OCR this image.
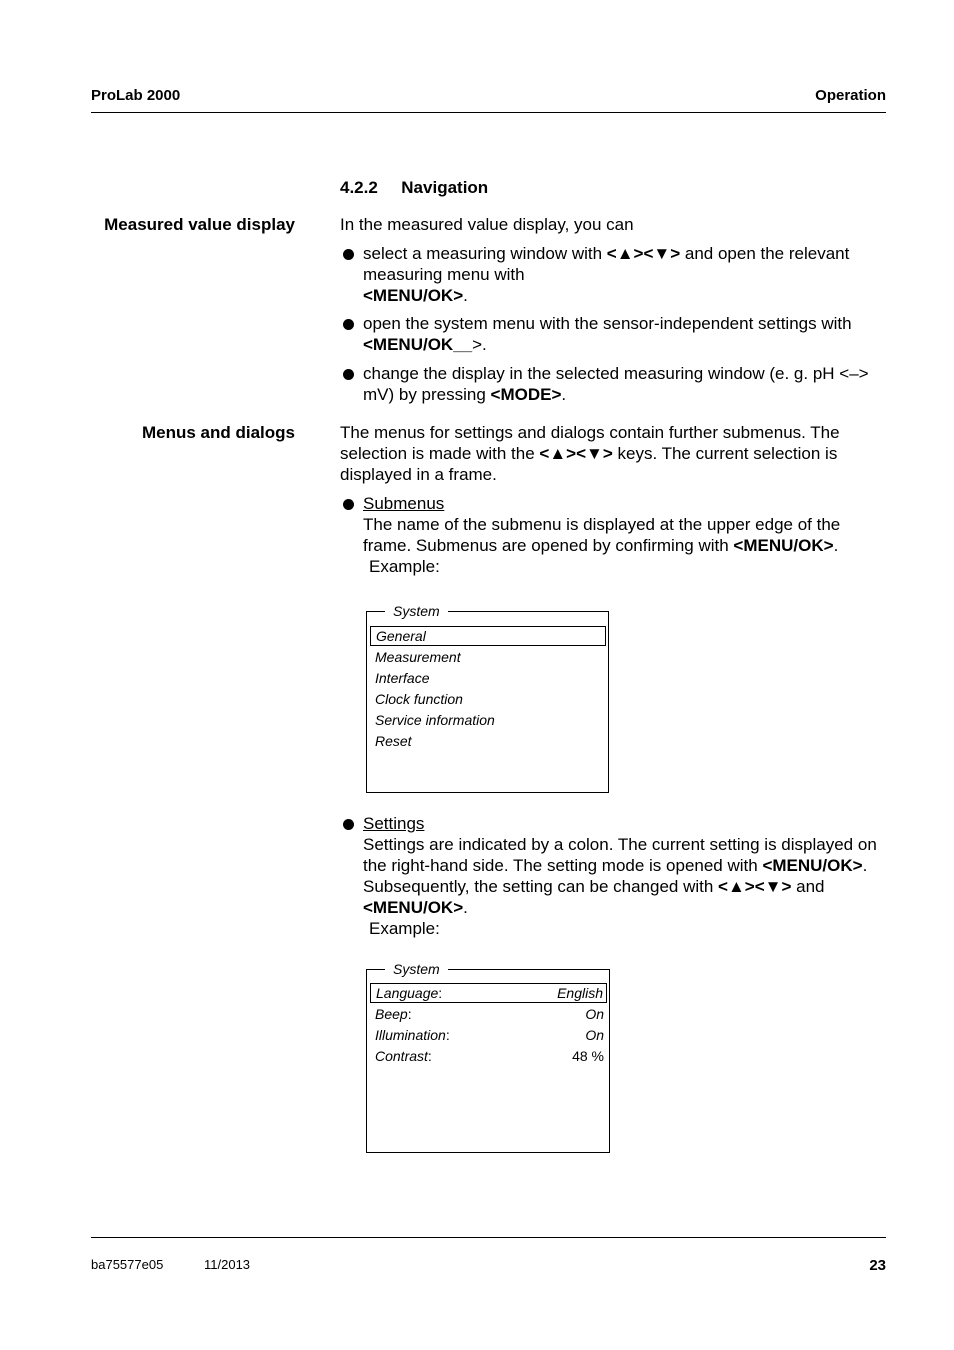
ProLab 2000	Operation
4.2.2 Navigation
Measured value display	In the measured value display, you can
select a measuring window with <▲><▼> and open the relevant measuring menu with
<MENU/OK>.
open the system menu with the sensor-independent settings with
<MENU/OK__>.
change the display in the selected measuring window (e. g. pH <–> mV) by pressing <MODE>.
Menus and dialogs	The menus for settings and dialogs contain further submenus. The selection is made with the <▲><▼> keys. The current selection is displayed in a frame.
Submenus
The name of the submenu is displayed at the upper edge of the frame. Submenus are opened by confirming with <MENU/OK>.
Example:
System
General
Measurement
Interface
Clock function
Service information
Reset
Settings
Settings are indicated by a colon. The current setting is displayed on the right-hand side. The setting mode is opened with <MENU/OK>. Subsequently, the setting can be changed with <▲><▼> and
<MENU/OK>.
Example:
System
Language:	English
Beep:	On
Illumination:	On
Contrast:	48 %
ba75577e05	11/2013	23
